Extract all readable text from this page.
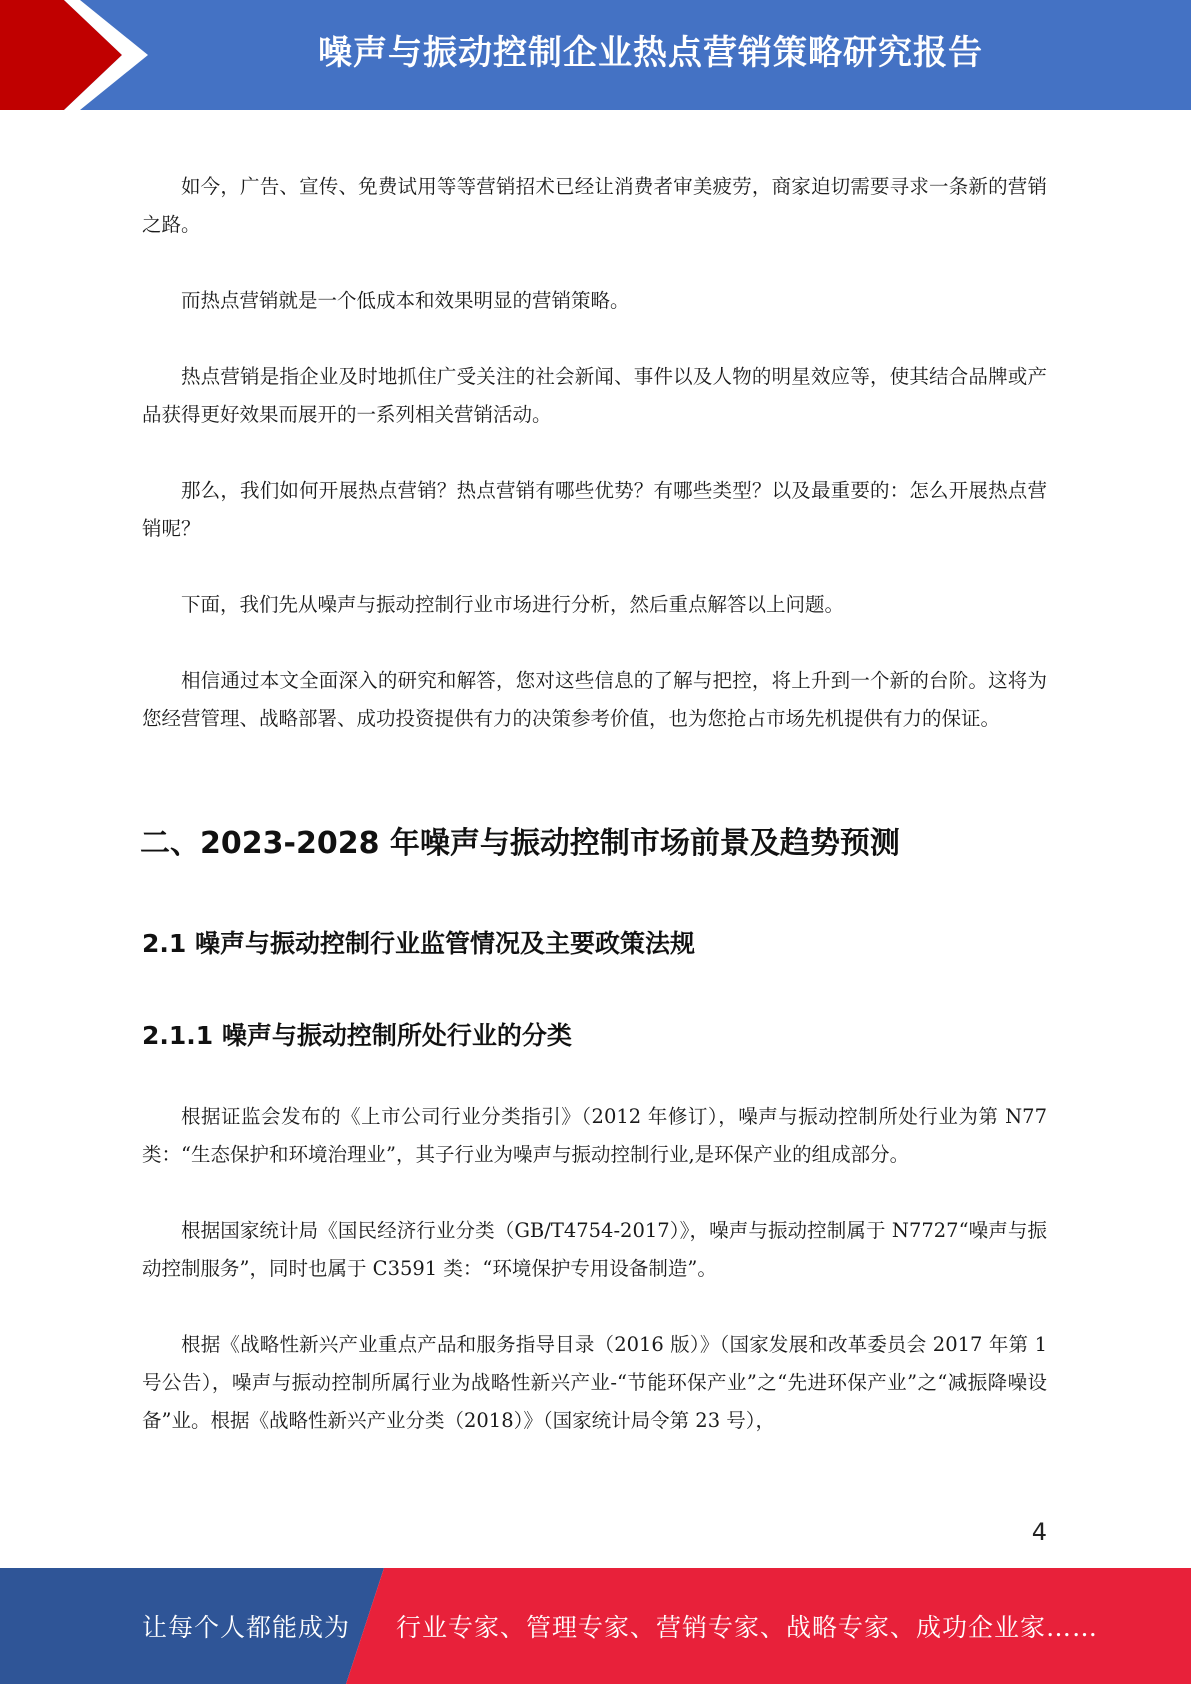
噪声与振动控制企业热点营销策略研究报告

如今，广告、宣传、免费试用等等营销招术已经让消费者审美疲劳，商家迫切需要寻求一条新的营销之路。

而热点营销就是一个低成本和效果明显的营销策略。

热点营销是指企业及时地抓住广受关注的社会新闻、事件以及人物的明星效应等，使其结合品牌或产品获得更好效果而展开的一系列相关营销活动。

那么，我们如何开展热点营销？热点营销有哪些优势？有哪些类型？以及最重要的：怎么开展热点营销呢？

下面，我们先从噪声与振动控制行业市场进行分析，然后重点解答以上问题。

相信通过本文全面深入的研究和解答，您对这些信息的了解与把控，将上升到一个新的台阶。这将为您经营管理、战略部署、成功投资提供有力的决策参考价值，也为您抢占市场先机提供有力的保证。

二、2023-2028 年噪声与振动控制市场前景及趋势预测
2.1 噪声与振动控制行业监管情况及主要政策法规
2.1.1 噪声与振动控制所处行业的分类

根据证监会发布的《上市公司行业分类指引》（2012 年修订），噪声与振动控制所处行业为第 N77 类：“生态保护和环境治理业”，其子行业为噪声与振动控制行业,是环保产业的组成部分。

根据国家统计局《国民经济行业分类（GB/T4754-2017）》，噪声与振动控制属于 N7727“噪声与振动控制服务”，同时也属于 C3591 类：“环境保护专用设备制造”。

根据《战略性新兴产业重点产品和服务指导目录（2016 版）》（国家发展和改革委员会 2017 年第 1 号公告），噪声与振动控制所属行业为战略性新兴产业-“节能环保产业”之“先进环保产业”之“减振降噪设备”业。根据《战略性新兴产业分类（2018）》（国家统计局令第 23 号），

4
让每个人都能成为 行业专家、管理专家、营销专家、战略专家、成功企业家……
